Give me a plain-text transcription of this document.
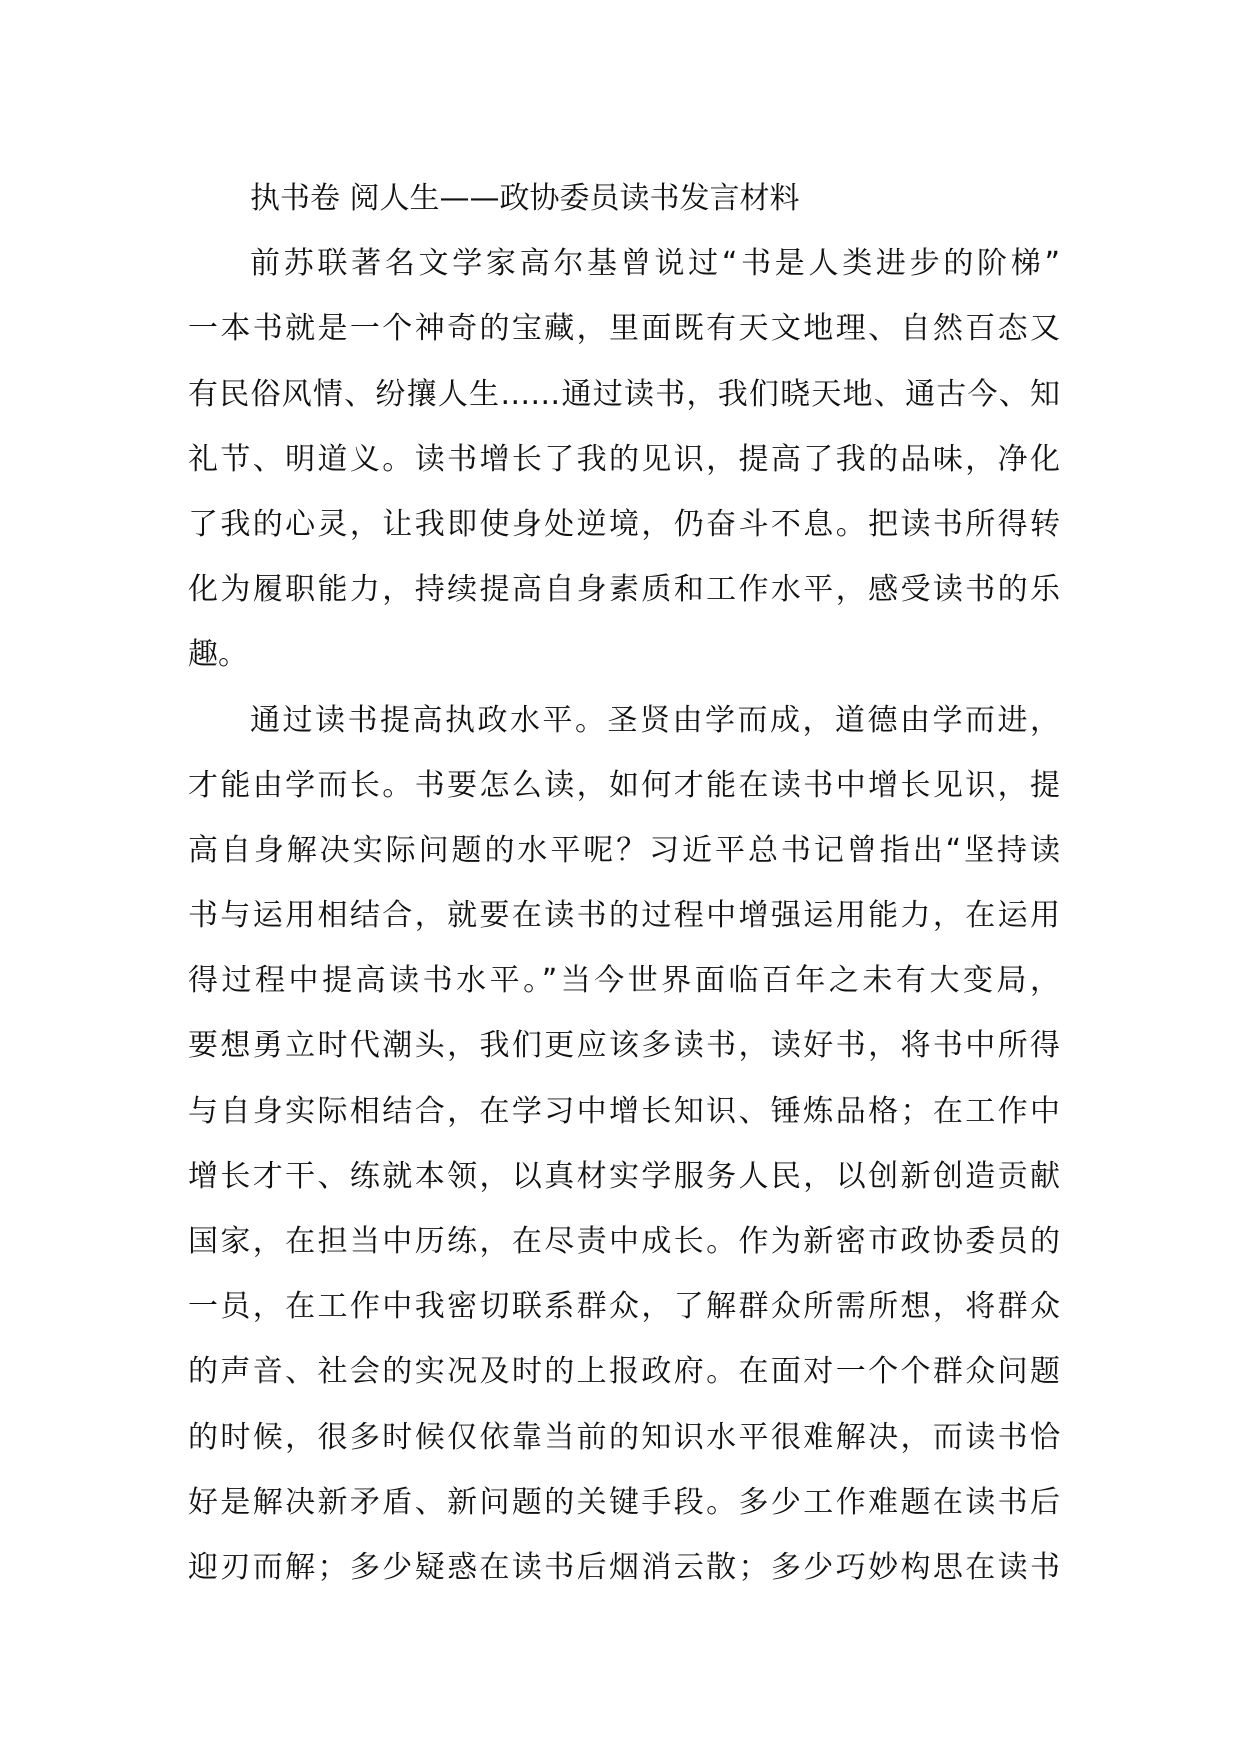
执书卷 阅人生——政协委员读书发言材料
前苏联著名文学家高尔基曾说过“书是人类进步的阶梯”
一本书就是一个神奇的宝藏，里面既有天文地理、自然百态又
有民俗风情、纷攘人生……通过读书，我们晓天地、通古今、知
礼节、明道义。读书增长了我的见识，提高了我的品味，净化
了我的心灵，让我即使身处逆境，仍奋斗不息。把读书所得转
化为履职能力，持续提高自身素质和工作水平，感受读书的乐
趣。
通过读书提高执政水平。圣贤由学而成，道德由学而进，
才能由学而长。书要怎么读，如何才能在读书中增长见识，提
高自身解决实际问题的水平呢？习近平总书记曾指出“坚持读
书与运用相结合，就要在读书的过程中增强运用能力，在运用
得过程中提高读书水平。”当今世界面临百年之未有大变局，
要想勇立时代潮头，我们更应该多读书，读好书，将书中所得
与自身实际相结合，在学习中增长知识、锤炼品格；在工作中
增长才干、练就本领，以真材实学服务人民，以创新创造贡献
国家，在担当中历练，在尽责中成长。作为新密市政协委员的
一员，在工作中我密切联系群众，了解群众所需所想，将群众
的声音、社会的实况及时的上报政府。在面对一个个群众问题
的时候，很多时候仅依靠当前的知识水平很难解决，而读书恰
好是解决新矛盾、新问题的关键手段。多少工作难题在读书后
迎刃而解；多少疑惑在读书后烟消云散；多少巧妙构思在读书
